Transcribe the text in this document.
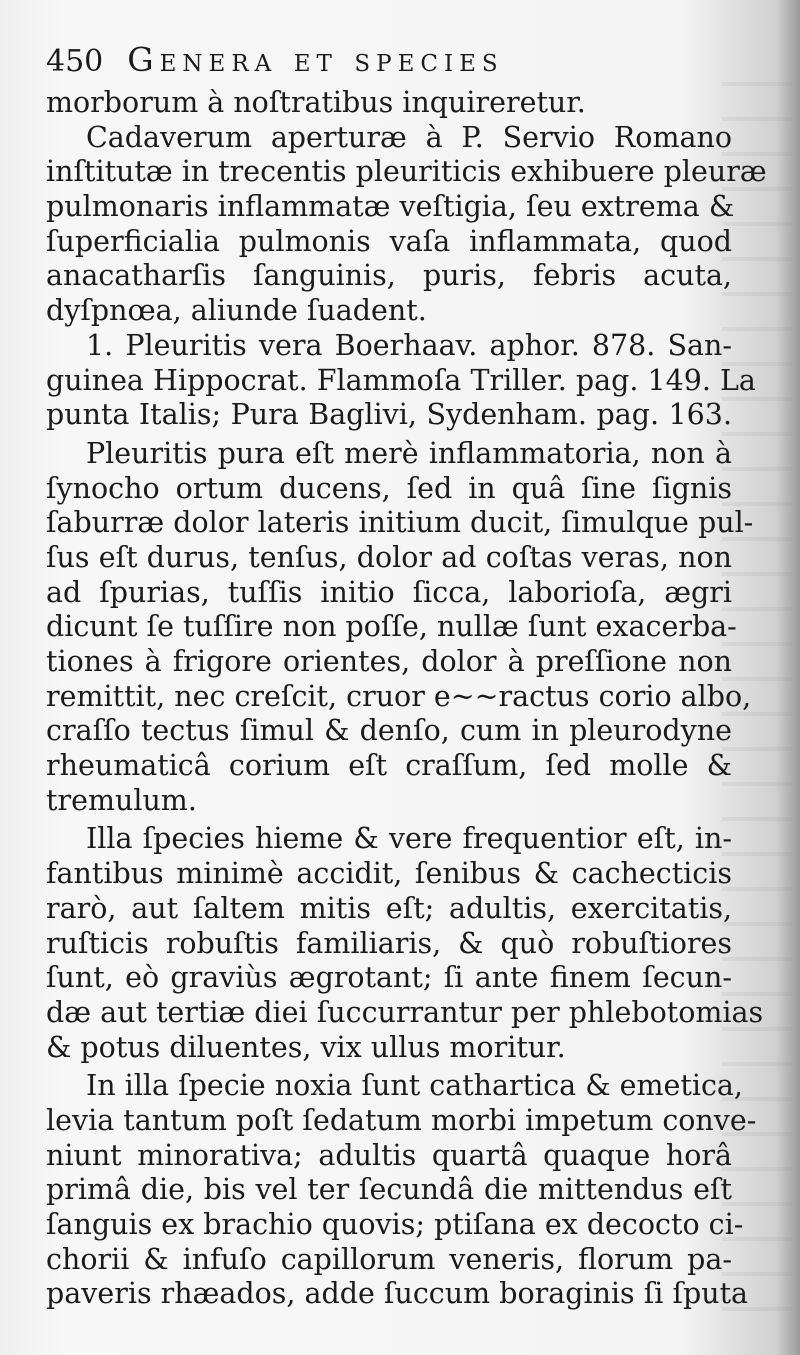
450 Genera et species
morborum à noſtratibus inquireretur.
Cadaverum aperturæ à P. Servio Romano
inſtitutæ in trecentis pleuriticis exhibuere pleuræ
pulmonaris inflammatæ veſtigia, ſeu extrema &
ſuperficialia pulmonis vaſa inflammata, quod
anacatharſis ſanguinis, puris, febris acuta,
dyſpnœa, aliunde ſuadent.
1. Pleuritis vera Boerhaav. aphor. 878. San-
guinea Hippocrat. Flammoſa Triller. pag. 149. La
punta Italis; Pura Baglivi, Sydenham. pag. 163.
Pleuritis pura eſt merè inflammatoria, non à
ſynocho ortum ducens, ſed in quâ ſine ſignis
ſaburræ dolor lateris initium ducit, ſimulque pul-
ſus eſt durus, tenſus, dolor ad coſtas veras, non
ad ſpurias, tuſſis initio ſicca, laborioſa, ægri
dicunt ſe tuſſire non poſſe, nullæ ſunt exacerba-
tiones à frigore orientes, dolor à preſſione non
remittit, nec creſcit, cruor e~~ractus corio albo,
craſſo tectus ſimul & denſo, cum in pleurodyne
rheumaticâ corium eſt craſſum, ſed molle &
tremulum.
Illa ſpecies hieme & vere frequentior eſt, in-
fantibus minimè accidit, ſenibus & cachecticis
rarò, aut ſaltem mitis eſt; adultis, exercitatis,
ruſticis robuſtis familiaris, & quò robuſtiores
ſunt, eò graviùs ægrotant; ſi ante finem ſecun-
dæ aut tertiæ diei ſuccurrantur per phlebotomias
& potus diluentes, vix ullus moritur.
In illa ſpecie noxia ſunt cathartica & emetica,
levia tantum poſt ſedatum morbi impetum conve-
niunt minorativa; adultis quartâ quaque horâ
primâ die, bis vel ter ſecundâ die mittendus eſt
ſanguis ex brachio quovis; ptiſana ex decocto ci-
chorii & infuſo capillorum veneris, florum pa-
paveris rhæados, adde ſuccum boraginis ſi ſputa
